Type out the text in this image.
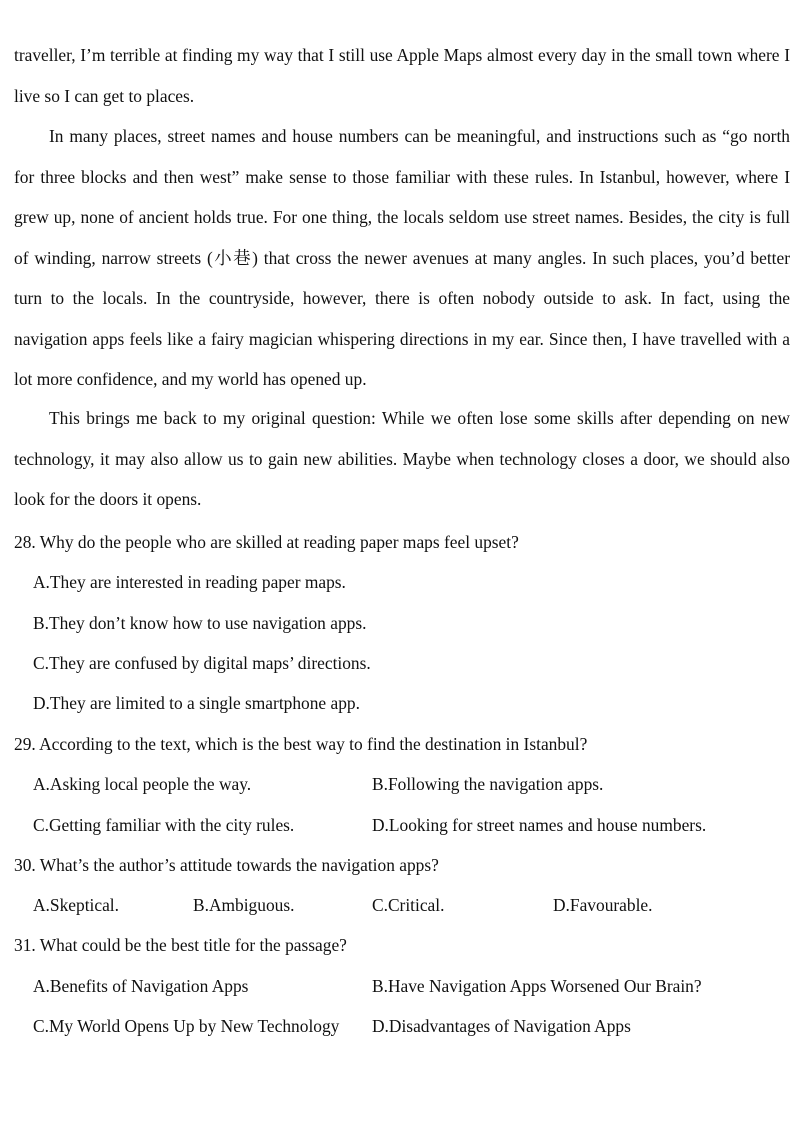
traveller, I’m terrible at finding my way that I still use Apple Maps almost every day in the small town where I live so I can get to places.

In many places, street names and house numbers can be meaningful, and instructions such as “go north for three blocks and then west” make sense to those familiar with these rules. In Istanbul, however, where I grew up, none of ancient holds true. For one thing, the locals seldom use street names. Besides, the city is full of winding, narrow streets (小巷) that cross the newer avenues at many angles. In such places, you’d better turn to the locals. In the countryside, however, there is often nobody outside to ask. In fact, using the navigation apps feels like a fairy magician whispering directions in my ear. Since then, I have travelled with a lot more confidence, and my world has opened up.

This brings me back to my original question: While we often lose some skills after depending on new technology, it may also allow us to gain new abilities. Maybe when technology closes a door, we should also look for the doors it opens.

28. Why do the people who are skilled at reading paper maps feel upset?

A.They are interested in reading paper maps.
B.They don’t know how to use navigation apps.
C.They are confused by digital maps’ directions.
D.They are limited to a single smartphone app.

29. According to the text, which is the best way to find the destination in Istanbul?

A.Asking local people the way.	B.Following the navigation apps.
C.Getting familiar with the city rules.	D.Looking for street names and house numbers.

30. What’s the author’s attitude towards the navigation apps?

A.Skeptical.	B.Ambiguous.	C.Critical.	D.Favourable.

31. What could be the best title for the passage?

A.Benefits of Navigation Apps	B.Have Navigation Apps Worsened Our Brain?
C.My World Opens Up by New Technology D.Disadvantages of Navigation Apps
